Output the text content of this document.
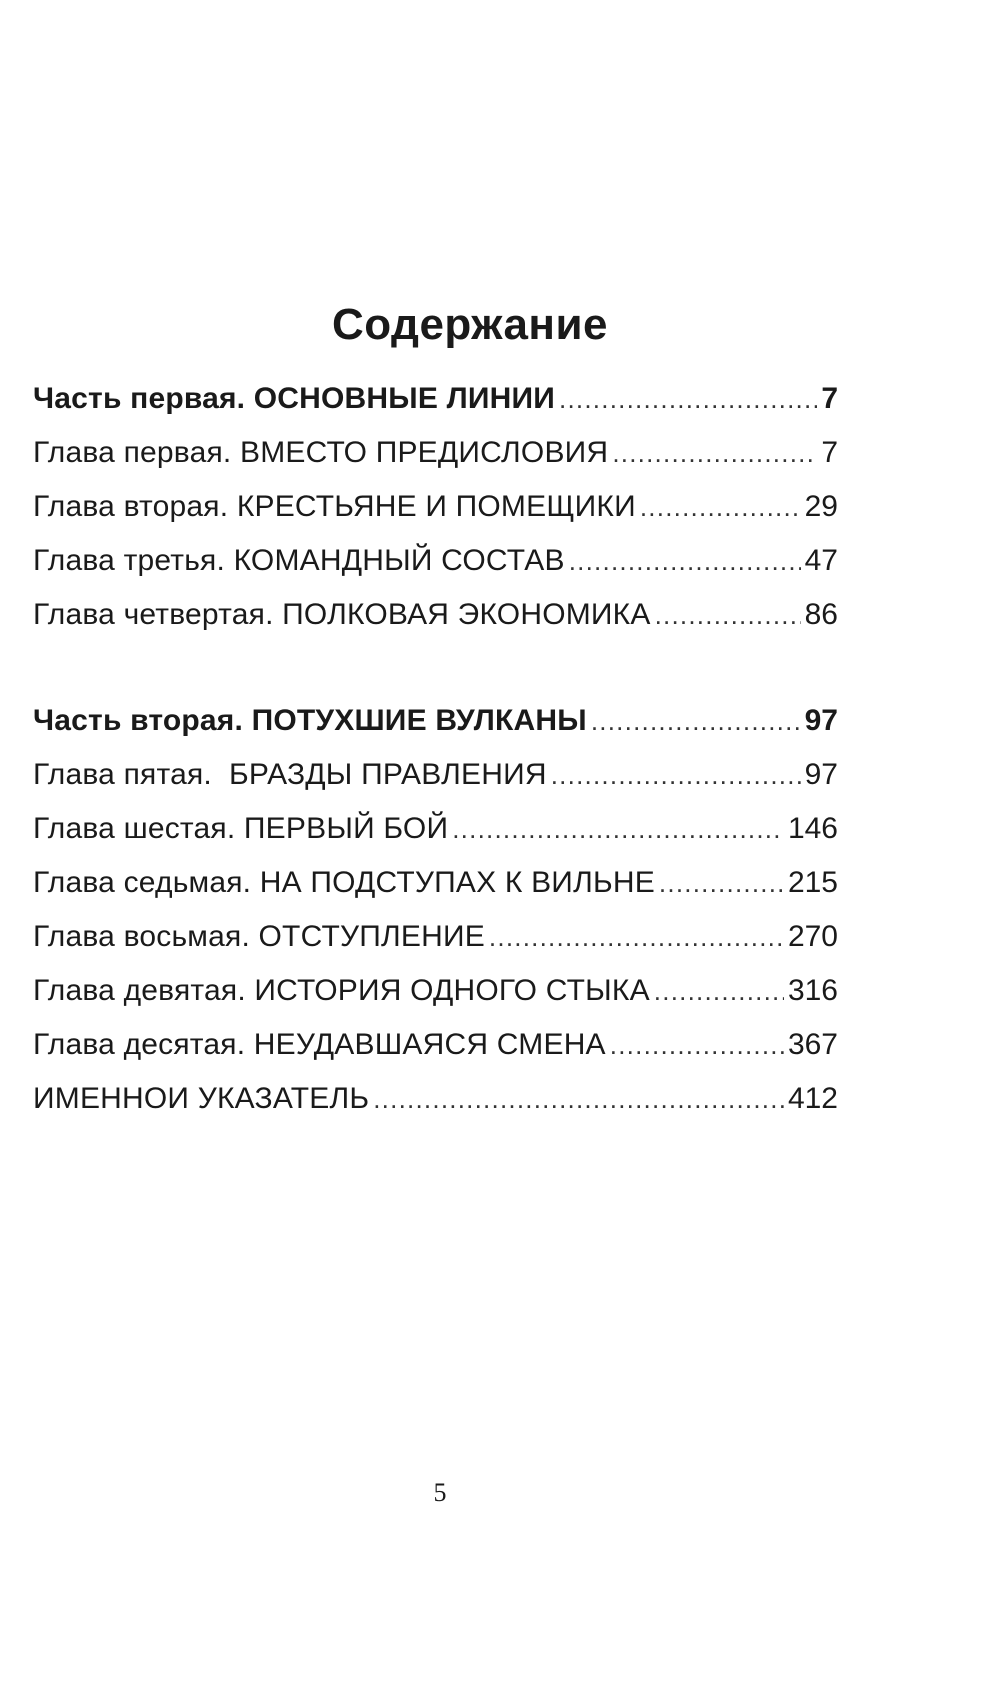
Содержание
Часть первая. ОСНОВНЫЕ ЛИНИИ . . .	7
Глава первая. ВМЕСТО ПРЕДИСЛОВИЯ . . .	7
Глава вторая. КРЕСТЬЯНЕ И ПОМЕЩИКИ . . .	29
Глава третья. КОМАНДНЫЙ СОСТАВ . . .	47
Глава четвертая. ПОЛКОВАЯ ЭКОНОМИКА . . .	86
Часть вторая. ПОТУХШИЕ ВУЛКАНЫ . . .	97
Глава пятая.  БРАЗДЫ ПРАВЛЕНИЯ . . .	97
Глава шестая. ПЕРВЫЙ БОЙ . . .	146
Глава седьмая. НА ПОДСТУПАХ К ВИЛЬНЕ . . .	215
Глава восьмая. ОТСТУПЛЕНИЕ . . .	270
Глава девятая. ИСТОРИЯ ОДНОГО СТЫКА . . .	316
Глава десятая. НЕУДАВШАЯСЯ СМЕНА . . .	367
ИМЕННОИ УКАЗАТЕЛЬ . . .	412
5
